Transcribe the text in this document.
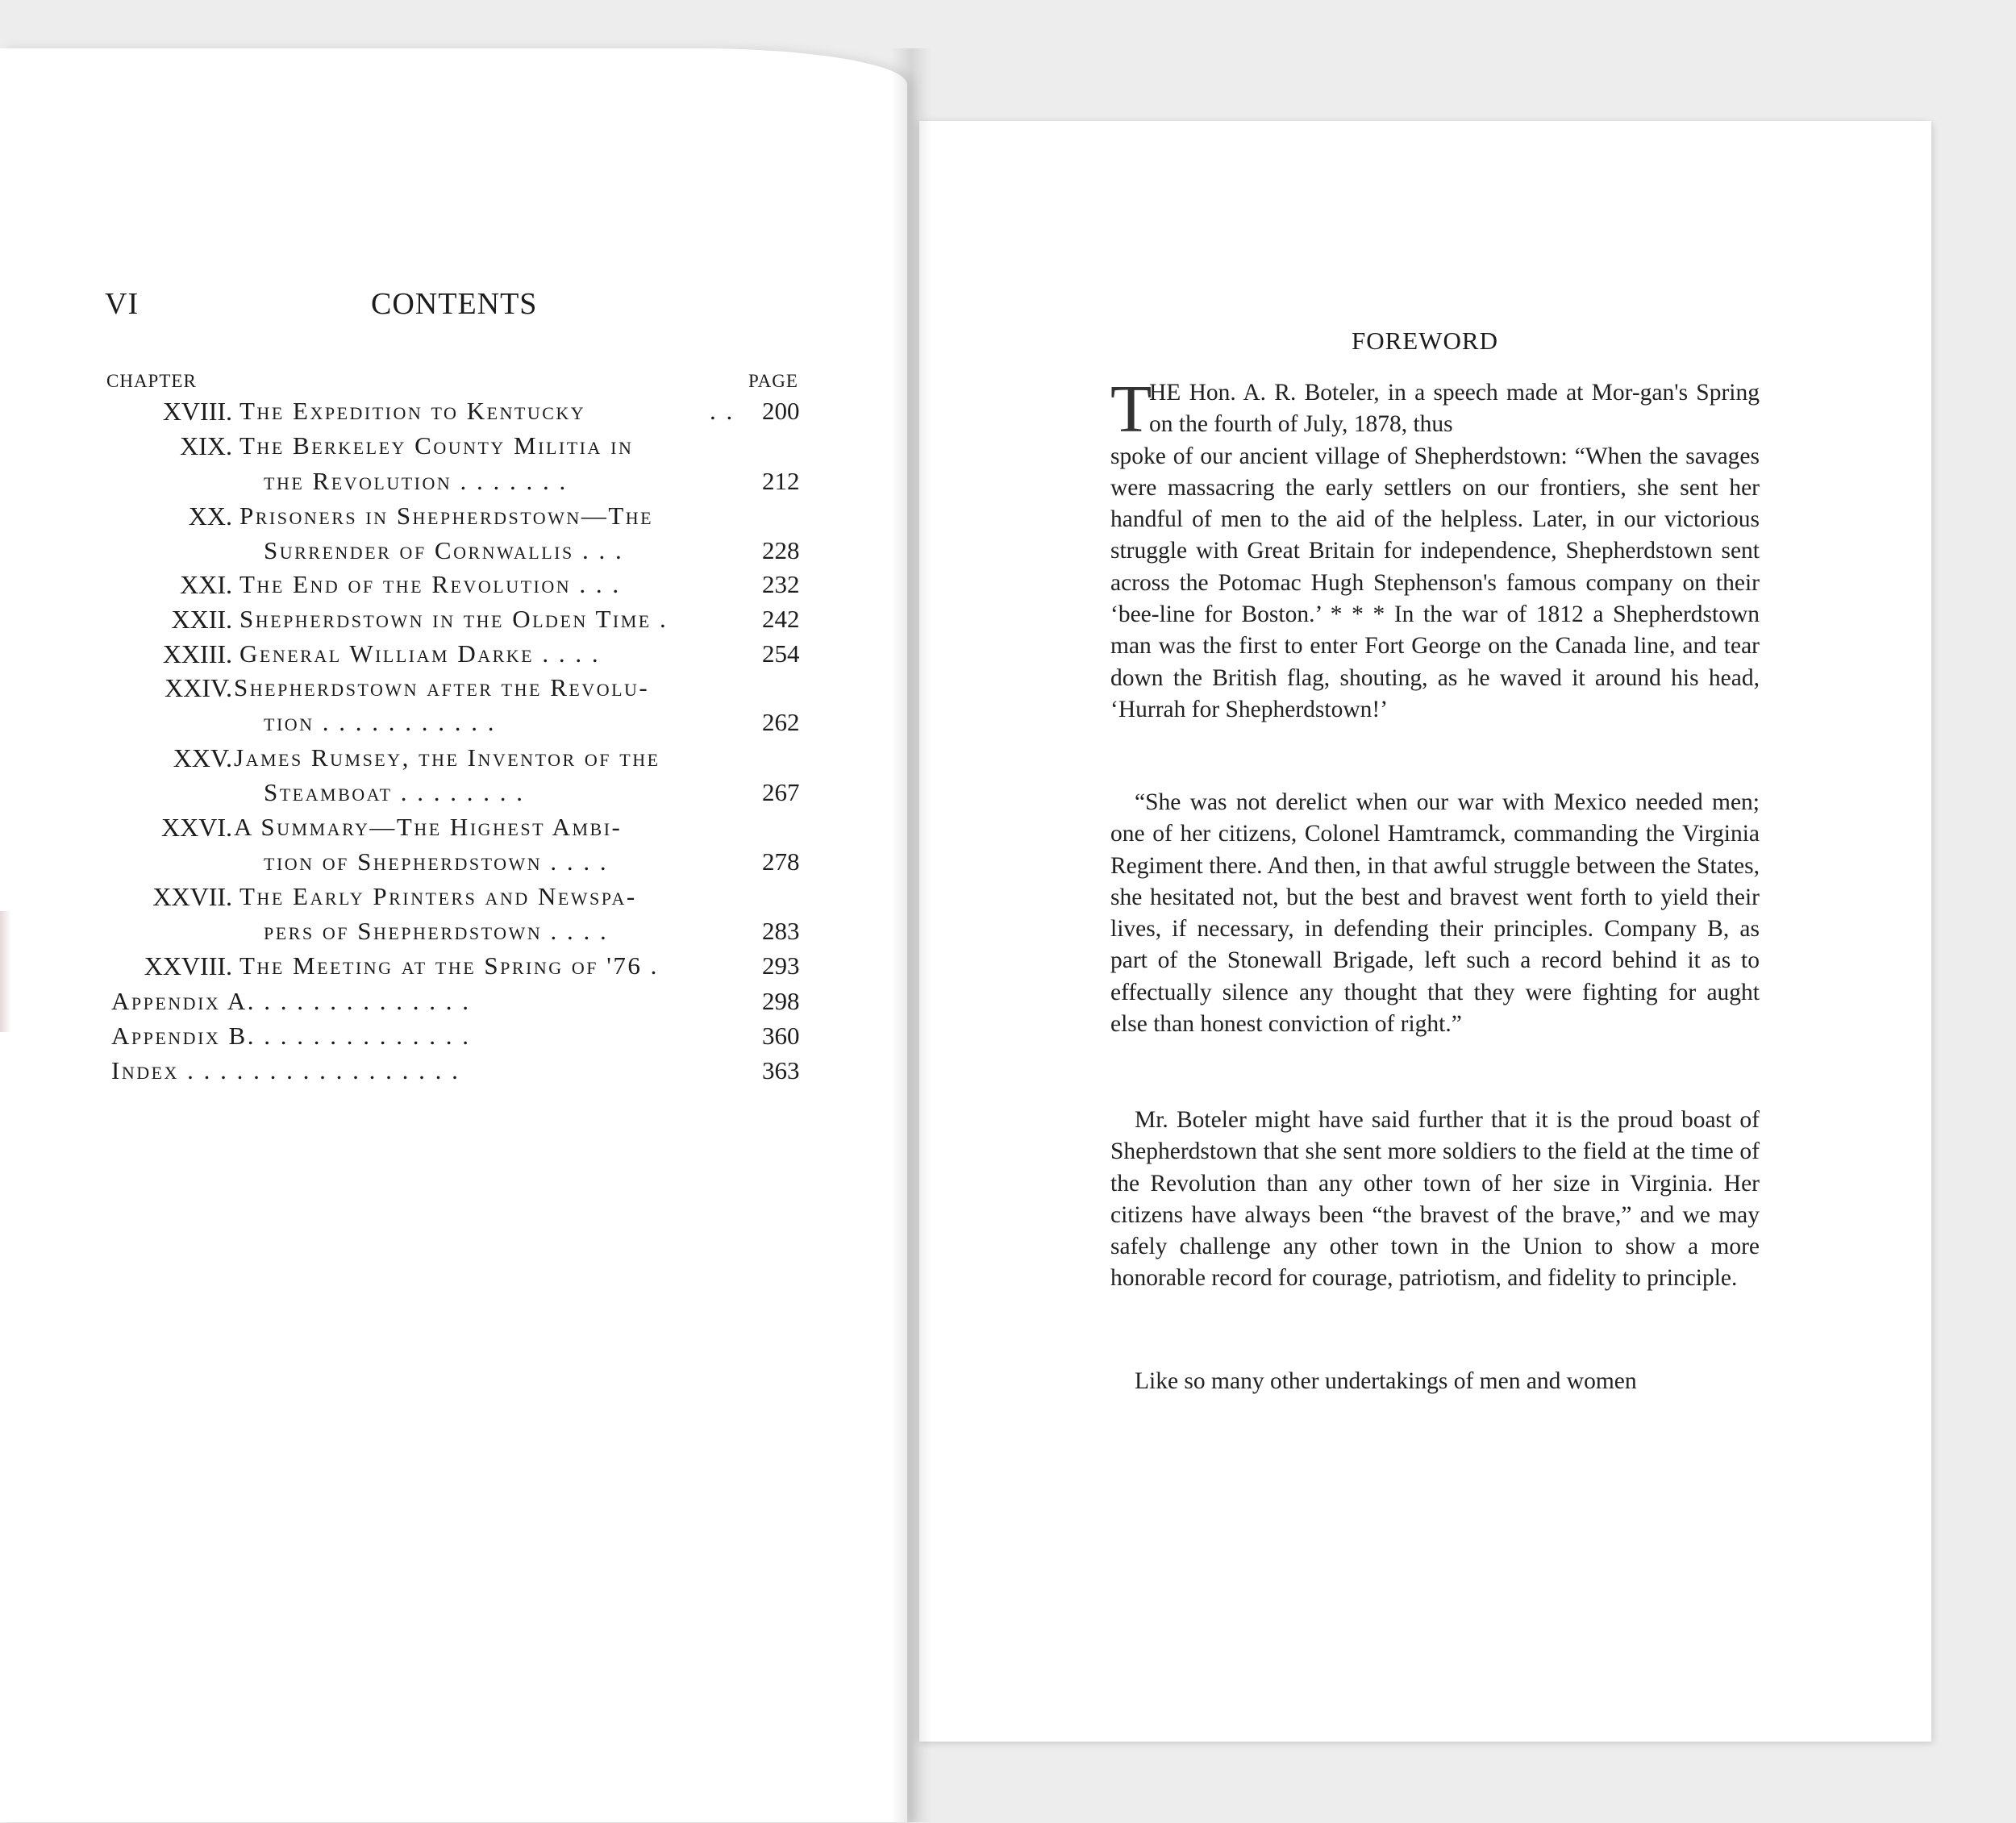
VI	CONTENTS
CHAPTER	PAGE
XVIII. The Expedition to Kentucky	. . 200
XIX. The Berkeley County Militia in
the Revolution . . . . . . .	212
XX. Prisoners in Shepherdstown—The
Surrender of Cornwallis . . .	228
XXI. The End of the Revolution . . .	232
XXII. Shepherdstown in the Olden Time .	242
XXIII. General William Darke . . . .	254
XXIV. Shepherdstown after the Revolu-
tion . . . . . . . . . . .	262
XXV. James Rumsey, the Inventor of the
Steamboat . . . . . . . .	267
XXVI. A Summary—The Highest Ambi-
tion of Shepherdstown . . . .	278
XXVII. The Early Printers and Newspa-
pers of Shepherdstown . . . .	283
XXVIII. The Meeting at the Spring of '76 .	293
Appendix A. . . . . . . . . . . . . .	298
Appendix B. . . . . . . . . . . . . .	360
Index . . . . . . . . . . . . . . . . .	363
FOREWORD
T
HE Hon. A. R. Boteler, in a speech made at Mor-gan's Spring on the fourth of July, 1878, thus
spoke of our ancient village of Shepherdstown: “When the savages were massacring the early settlers on our frontiers, she sent her handful of men to the aid of the helpless. Later, in our victorious struggle with Great Britain for independence, Shepherdstown sent across the Potomac Hugh Stephenson's famous company on their ‘bee-line for Boston.’ * * * In the war of 1812 a Shepherdstown man was the first to enter Fort George on the Canada line, and tear down the British flag, shouting, as he waved it around his head, ‘Hurrah for Shepherdstown!’
“She was not derelict when our war with Mexico needed men; one of her citizens, Colonel Hamtramck, commanding the Virginia Regiment there. And then, in that awful struggle between the States, she hesitated not, but the best and bravest went forth to yield their lives, if necessary, in defending their principles. Company B, as part of the Stonewall Brigade, left such a record behind it as to effectually silence any thought that they were fighting for aught else than honest conviction of right.”
Mr. Boteler might have said further that it is the proud boast of Shepherdstown that she sent more soldiers to the field at the time of the Revolution than any other town of her size in Virginia. Her citizens have always been “the bravest of the brave,” and we may safely challenge any other town in the Union to show a more honorable record for courage, patriotism, and fidelity to principle.
Like so many other undertakings of men and women
